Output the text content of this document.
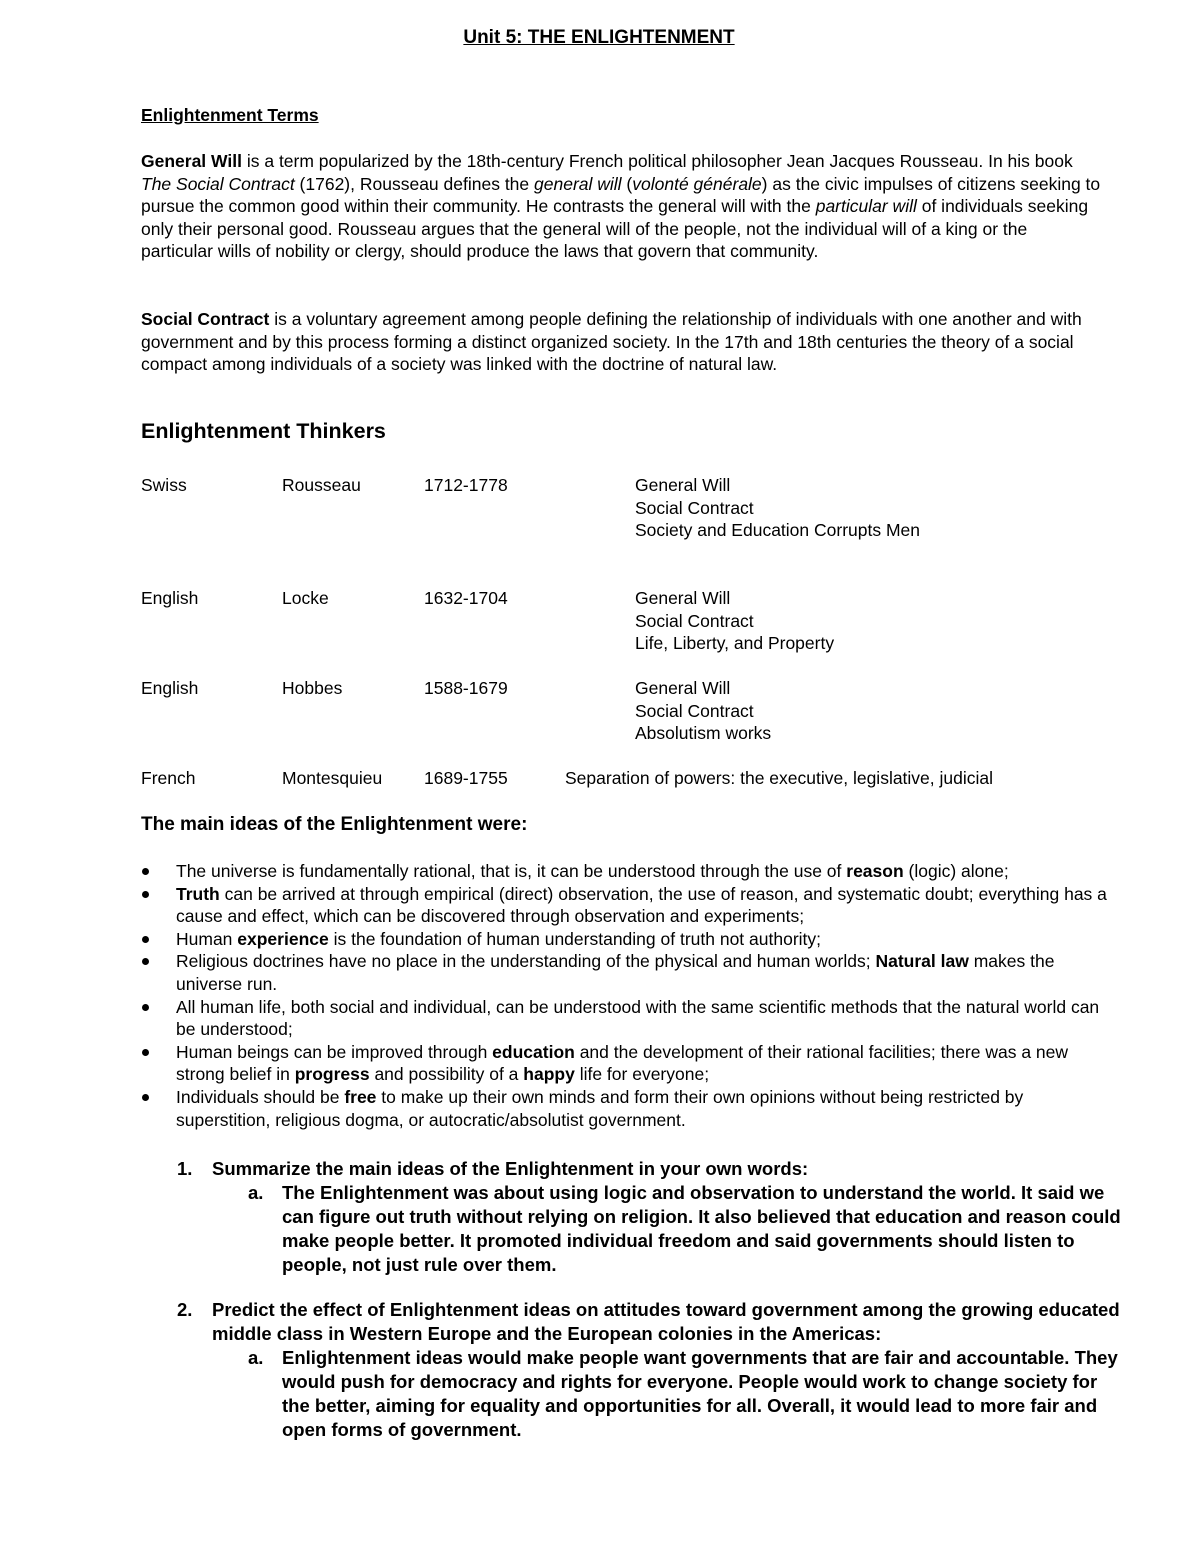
Unit 5: THE ENLIGHTENMENT
Enlightenment Terms

General Will is a term popularized by the 18th-century French political philosopher Jean Jacques Rousseau. In his book The Social Contract (1762), Rousseau defines the general will (volonté générale) as the civic impulses of citizens seeking to pursue the common good within their community. He contrasts the general will with the particular will of individuals seeking only their personal good. Rousseau argues that the general will of the people, not the individual will of a king or the particular wills of nobility or clergy, should produce the laws that govern that community.

Social Contract is a voluntary agreement among people defining the relationship of individuals with one another and with government and by this process forming a distinct organized society. In the 17th and 18th centuries the theory of a social compact among individuals of a society was linked with the doctrine of natural law.

Enlightenment Thinkers
Swiss	Rousseau	1712-1778	General Will
Social Contract
Society and Education Corrupts Men
English	Locke	1632-1704	General Will
Social Contract
Life, Liberty, and Property
English	Hobbes	1588-1679	General Will
Social Contract
Absolutism works
French	Montesquieu 1689-1755	Separation of powers: the executive, legislative, judicial
The main ideas of the Enlightenment were:
The universe is fundamentally rational, that is, it can be understood through the use of reason (logic) alone;
Truth can be arrived at through empirical (direct) observation, the use of reason, and systematic doubt; everything has a cause and effect, which can be discovered through observation and experiments;
Human experience is the foundation of human understanding of truth not authority;
Religious doctrines have no place in the understanding of the physical and human worlds; Natural law makes the universe run.
All human life, both social and individual, can be understood with the same scientific methods that the natural world can be understood;
Human beings can be improved through education and the development of their rational facilities; there was a new strong belief in progress and possibility of a happy life for everyone;
Individuals should be free to make up their own minds and form their own opinions without being restricted by superstition, religious dogma, or autocratic/absolutist government.
1. Summarize the main ideas of the Enlightenment in your own words:
a. The Enlightenment was about using logic and observation to understand the world. It said we can figure out truth without relying on religion. It also believed that education and reason could make people better. It promoted individual freedom and said governments should listen to people, not just rule over them.
2. Predict the effect of Enlightenment ideas on attitudes toward government among the growing educated middle class in Western Europe and the European colonies in the Americas:
a. Enlightenment ideas would make people want governments that are fair and accountable. They would push for democracy and rights for everyone. People would work to change society for the better, aiming for equality and opportunities for all. Overall, it would lead to more fair and open forms of government.
